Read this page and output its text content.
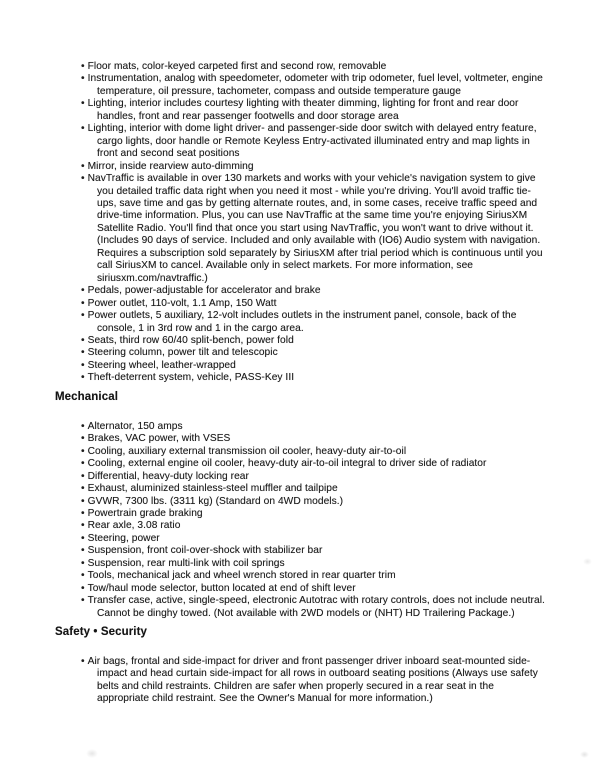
• Floor mats, color-keyed carpeted first and second row, removable
• Instrumentation, analog with speedometer, odometer with trip odometer, fuel level, voltmeter, engine temperature, oil pressure, tachometer, compass and outside temperature gauge
• Lighting, interior includes courtesy lighting with theater dimming, lighting for front and rear door handles, front and rear passenger footwells and door storage area
• Lighting, interior with dome light driver- and passenger-side door switch with delayed entry feature, cargo lights, door handle or Remote Keyless Entry-activated illuminated entry and map lights in front and second seat positions
• Mirror, inside rearview auto-dimming
• NavTraffic is available in over 130 markets and works with your vehicle's navigation system to give you detailed traffic data right when you need it most - while you're driving. You'll avoid traffic tie-ups, save time and gas by getting alternate routes, and, in some cases, receive traffic speed and drive-time information. Plus, you can use NavTraffic at the same time you're enjoying SiriusXM Satellite Radio. You'll find that once you start using NavTraffic, you won't want to drive without it. (Includes 90 days of service. Included and only available with (IO6) Audio system with navigation. Requires a subscription sold separately by SiriusXM after trial period which is continuous until you call SiriusXM to cancel. Available only in select markets. For more information, see siriusxm.com/navtraffic.)
• Pedals, power-adjustable for accelerator and brake
• Power outlet, 110-volt, 1.1 Amp, 150 Watt
• Power outlets, 5 auxiliary, 12-volt includes outlets in the instrument panel, console, back of the console, 1 in 3rd row and 1 in the cargo area.
• Seats, third row 60/40 split-bench, power fold
• Steering column, power tilt and telescopic
• Steering wheel, leather-wrapped
• Theft-deterrent system, vehicle, PASS-Key III
Mechanical
• Alternator, 150 amps
• Brakes, VAC power, with VSES
• Cooling, auxiliary external transmission oil cooler, heavy-duty air-to-oil
• Cooling, external engine oil cooler, heavy-duty air-to-oil integral to driver side of radiator
• Differential, heavy-duty locking rear
• Exhaust, aluminized stainless-steel muffler and tailpipe
• GVWR, 7300 lbs. (3311 kg) (Standard on 4WD models.)
• Powertrain grade braking
• Rear axle, 3.08 ratio
• Steering, power
• Suspension, front coil-over-shock with stabilizer bar
• Suspension, rear multi-link with coil springs
• Tools, mechanical jack and wheel wrench stored in rear quarter trim
• Tow/haul mode selector, button located at end of shift lever
• Transfer case, active, single-speed, electronic Autotrac with rotary controls, does not include neutral. Cannot be dinghy towed. (Not available with 2WD models or (NHT) HD Trailering Package.)
Safety • Security
• Air bags, frontal and side-impact for driver and front passenger driver inboard seat-mounted side-impact and head curtain side-impact for all rows in outboard seating positions (Always use safety belts and child restraints. Children are safer when properly secured in a rear seat in the appropriate child restraint. See the Owner's Manual for more information.)
